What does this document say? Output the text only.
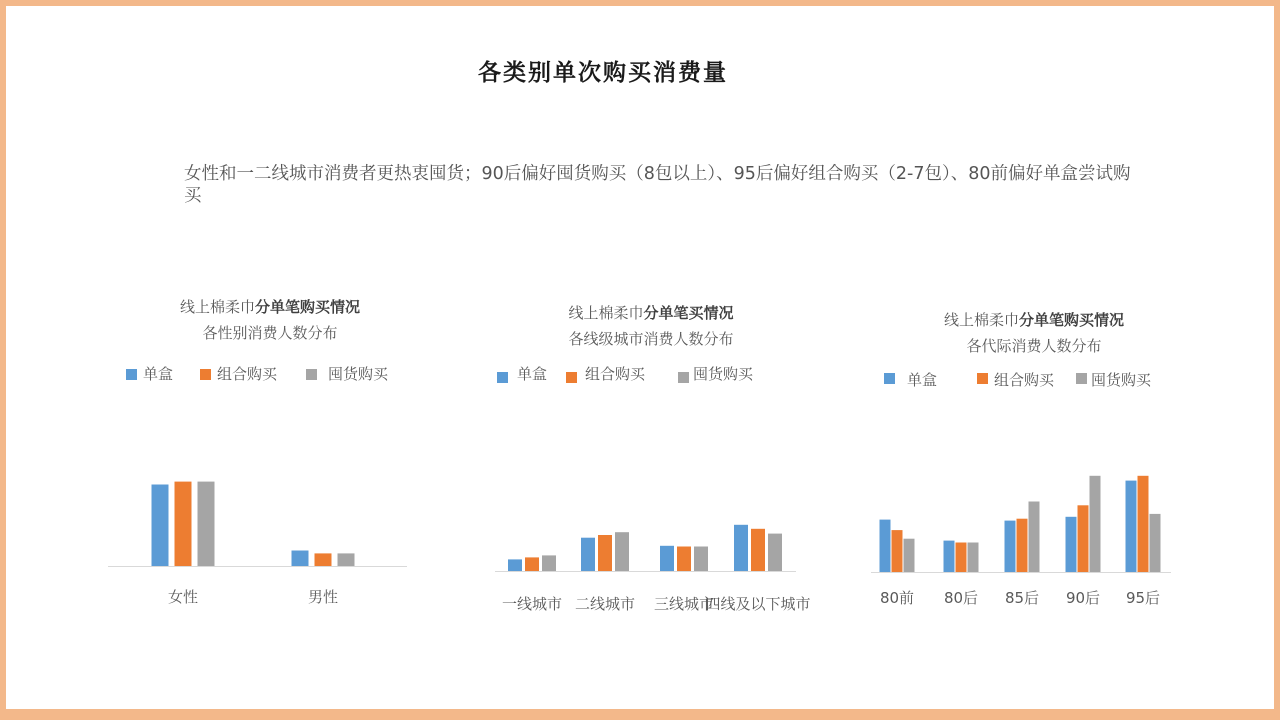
各类别单次购买消费量
女性和一二线城市消费者更热衷囤货；90后偏好囤货购买（8包以上）、95后偏好组合购买（2-7包）、80前偏好单盒尝试购买
线上棉柔巾分单笔购买情况
各性别消费人数分布
单盒	组合购买	囤货购买
线上棉柔巾分单笔买情况
各线级城市消费人数分布
单盒	组合购买	囤货购买
线上棉柔巾分单笔购买情况
各代际消费人数分布
单盒	组合购买 囤货购买
女性	男性	一线城市 二线城市 三线城市
四线及以下城市	80前 80后 85后 90后 95后
